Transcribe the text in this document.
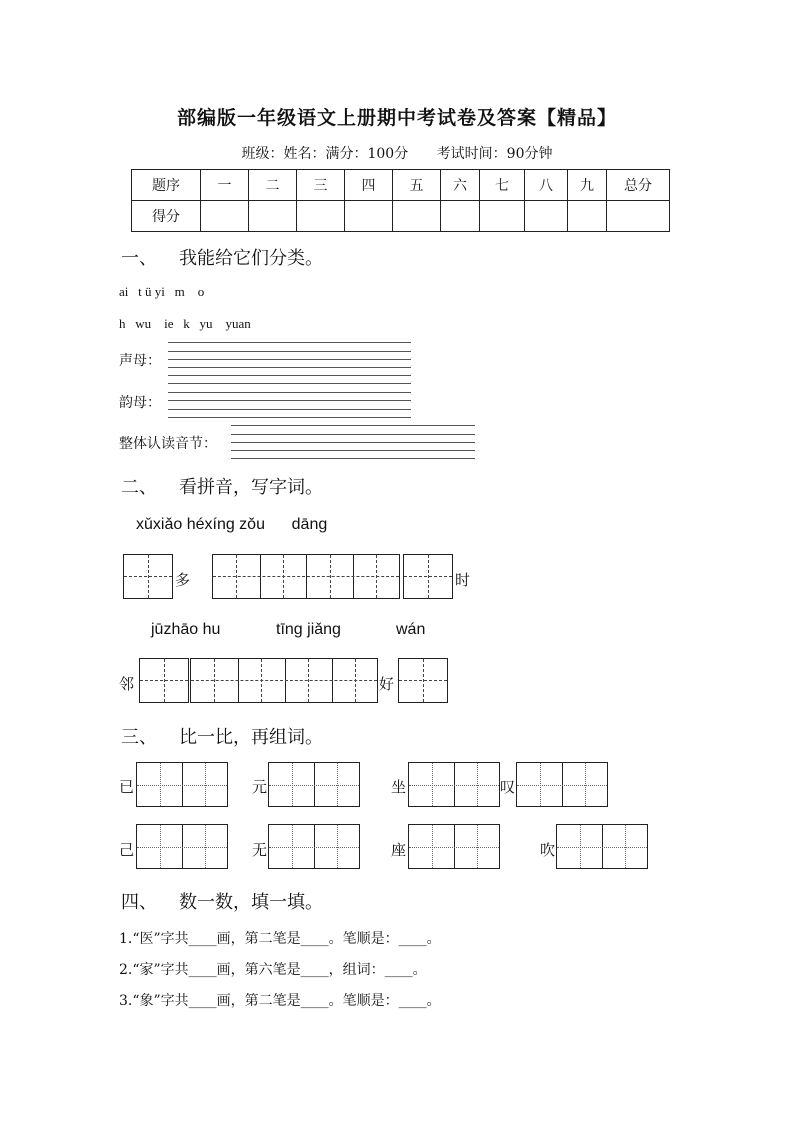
部编版一年级语文上册期中考试卷及答案【精品】
班级：姓名：满分：100分 考试时间：90分钟
题序	一	二	三	四	五	六	七	八	九	总分
得分										
一、 我能给它们分类。
ai   t ü yi   m    o
h   wu    ie   k   yu    yuan
声母：
韵母：
整体认读音节：
二、 看拼音，写字词。
xǔxiǎo héxíng zǒu      dāng
多	时
jūzhāo hu	tīng jiǎng	wán
邻	好
三、 比一比，再组词。
已	元	坐	叹
己	无	座	吹
四、 数一数，填一填。
1.“医”字共____画，第二笔是____。笔顺是：____。
2.“家”字共____画，第六笔是____，组词：____。
3.“象”字共____画，第二笔是____。笔顺是：____。
